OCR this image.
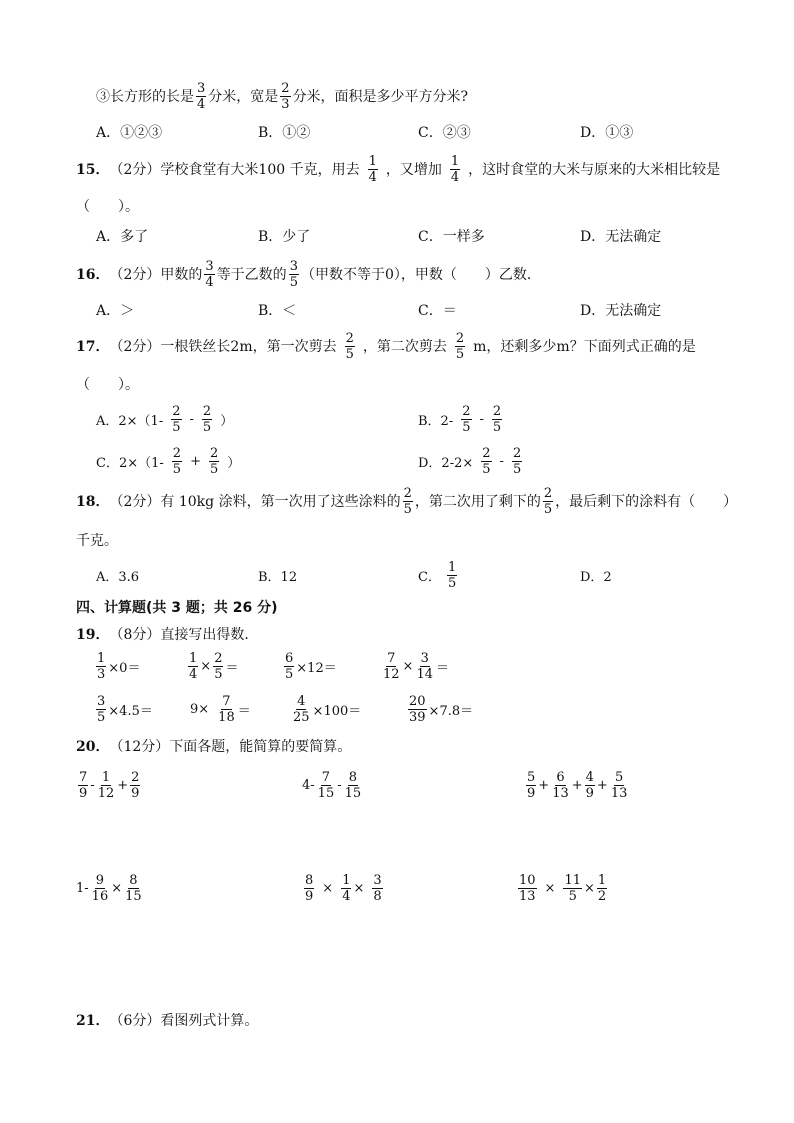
③长方形的长是 $\frac{3}{4}$ 分米，宽是 $\frac{2}{3}$ 分米，面积是多少平方分米?
A．①②③	B．①②	C．②③	D．①③
15． （2分） 学校食堂有大米100 千克，用去 $\frac{1}{4}$ ，又增加 $\frac{1}{4}$ ，这时食堂的大米与原来的大米相比较是
（　　）。
A．多了	B．少了	C．一样多	D．无法确定
16． （2分） 甲数的 $\frac{3}{4}$ 等于乙数的 $\frac{3}{5}$ （甲数不等于0），甲数（　　）乙数．
A．＞	B．＜	C．＝	D．无法确定
17． （2分） 一根铁丝长2m，第一次剪去 $\frac{2}{5}$ ，第二次剪去 $\frac{2}{5}$ m，还剩多少m？下面列式正确的是
（　　）。
A．$2\times(1- \frac{2}{5} - \frac{2}{5}$ ）	B．$2- \frac{2}{5} - \frac{2}{5}$
C．$2\times(1- \frac{2}{5} + \frac{2}{5}$ ）	D．$2-2\times \frac{2}{5} - \frac{2}{5}$
18． （2分） 有 10kg 涂料，第一次用了这些涂料的 $\frac{2}{5}$ ，第二次用了剩下的 $\frac{2}{5}$ ，最后剩下的涂料有（　　）
千克。
A．3.6	B．12	C． $\frac{1}{5}$	D．2
四、计算题(共 3 题；共 26 分)
19． （8分） 直接写出得数．
$\frac{1}{3} \times 0=$	$\frac{1}{4} \times \frac{2}{5}$ ＝	$\frac{6}{5} \times 12=$	$\frac{7}{12} \times \frac{3}{14}$ ＝
$\frac{3}{5} \times 4.5=$	$9\times \frac{7}{18}$ ＝	$\frac{4}{25} \times 100=$	$\frac{20}{39} \times 7.8=$
20． （12分） 下面各题，能简算的要简算。
$\frac{7}{9} - \frac{1}{12} + \frac{2}{9}$	$4- \frac{7}{15} - \frac{8}{15}$	$\frac{5}{9} + \frac{6}{13} + \frac{4}{9} + \frac{5}{13}$
$1- \frac{9}{16} \times \frac{8}{15}$	$\frac{8}{9} \times \frac{1}{4} \times \frac{3}{8}$	$\frac{10}{13} \times \frac{11}{5} \times \frac{1}{2}$
21． （6分） 看图列式计算。
